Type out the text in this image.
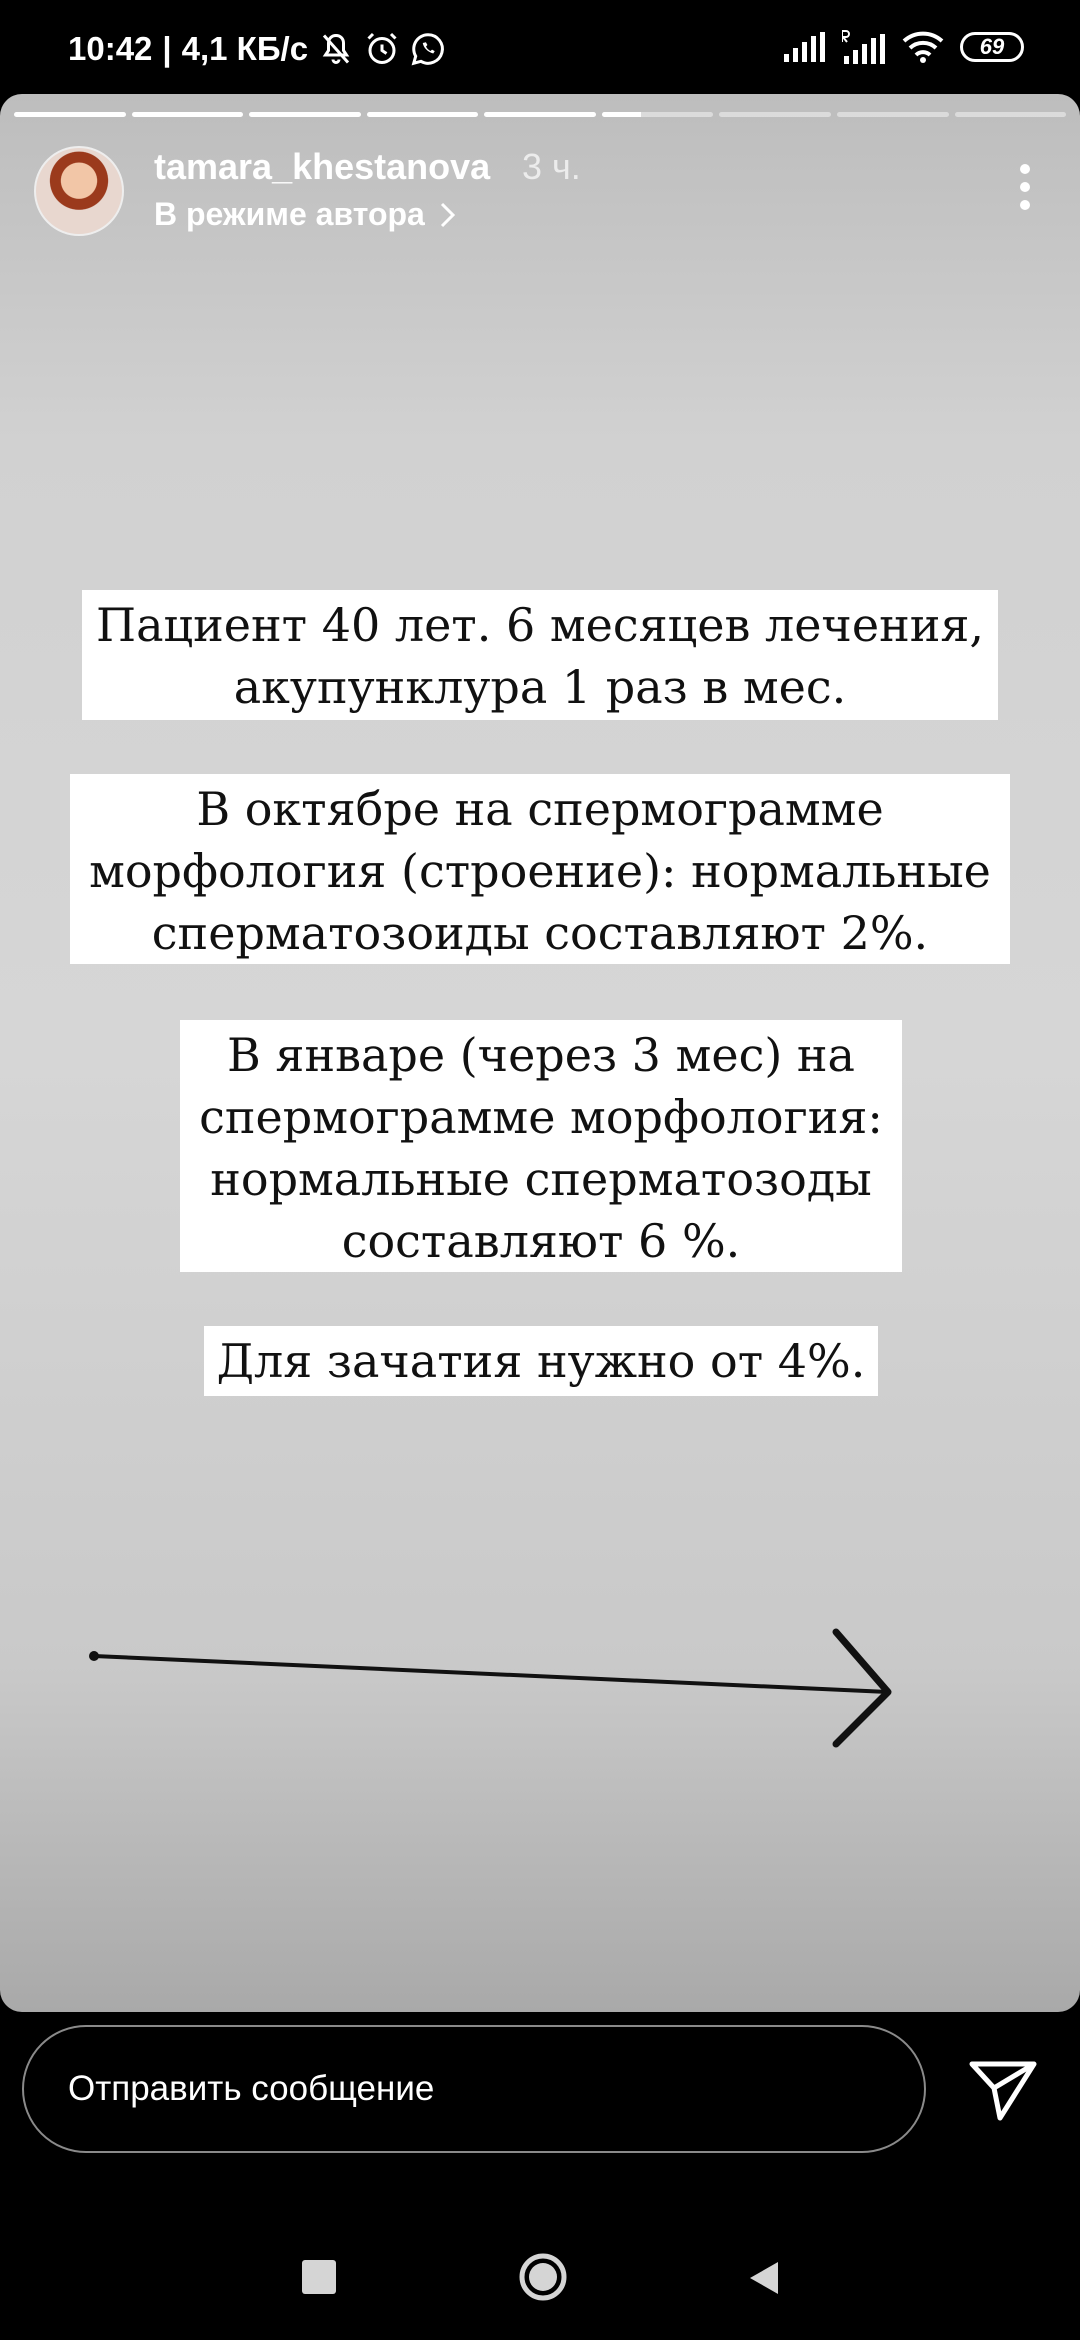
10:42 | 4,1 КБ/с	69
tamara_khestanova 3 ч.
В режиме автора
Пациент 40 лет. 6 месяцев лечения,
акупунклура 1 раз в мес.
В октябре на спермограмме
морфология (строение): нормальные
сперматозоиды составляют 2%.
В январе (через 3 мес) на
спермограмме морфология:
нормальные сперматозоды
составляют 6 %.
Для зачатия нужно от 4%.
Отправить сообщение
